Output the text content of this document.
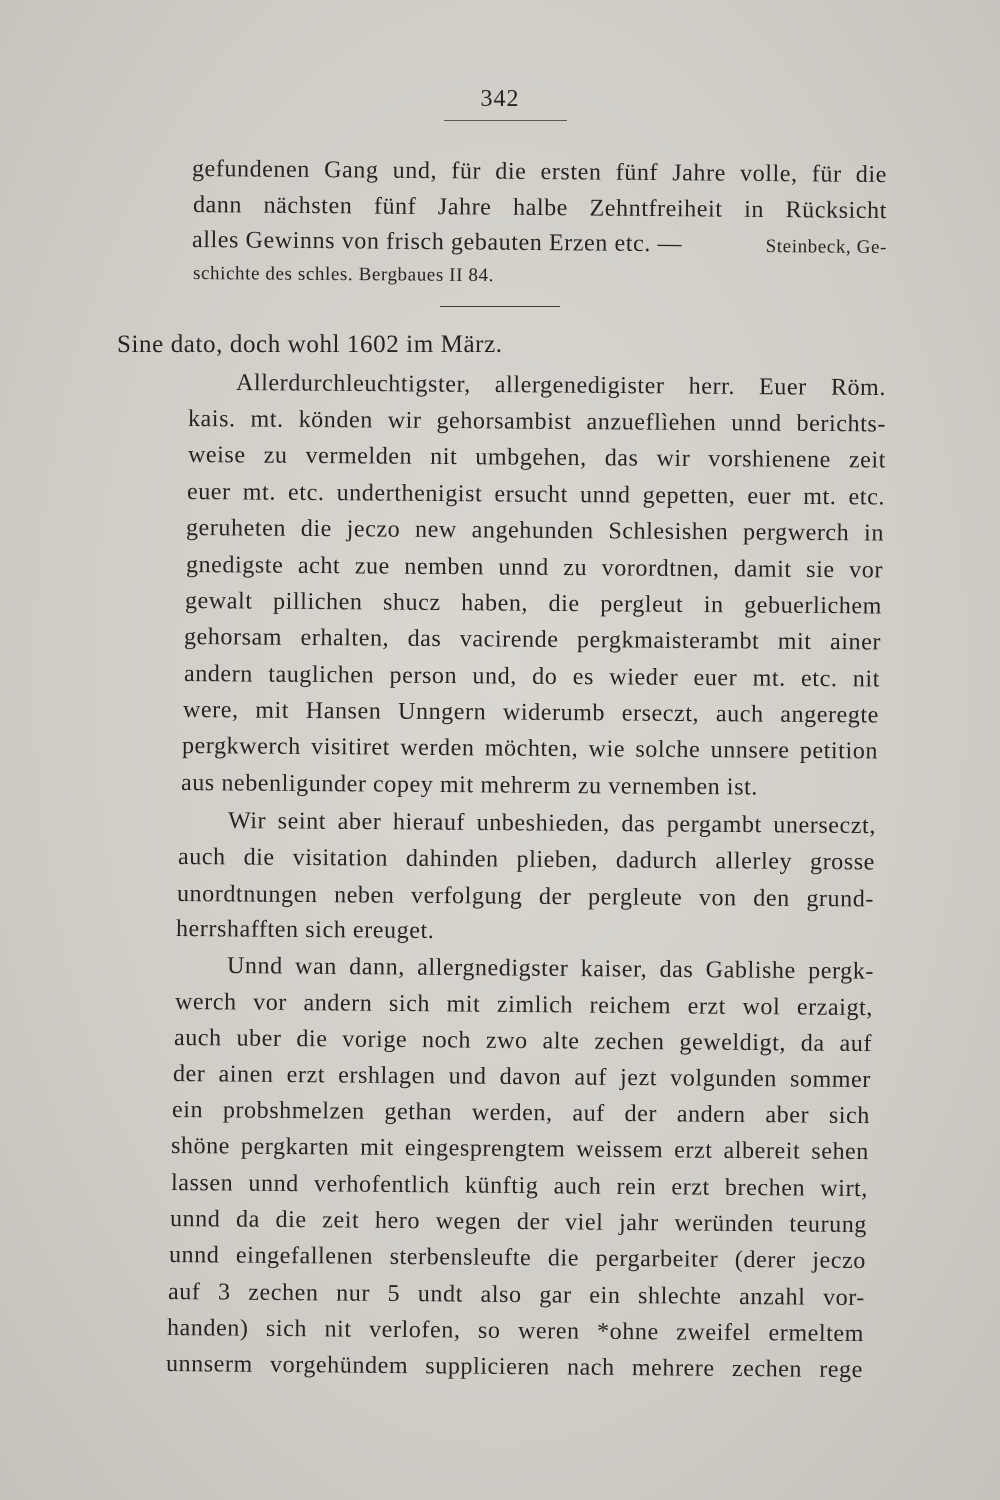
342
gefundenen Gang und, für die ersten fünf Jahre volle, für die
dann nächsten fünf Jahre halbe Zehntfreiheit in Rücksicht
alles Gewinns von frisch gebauten Erzen etc. —	Steinbeck, Ge-
schichte des schles. Bergbaues II 84.
Sine dato, doch wohl 1602 im März.
Allerdurchleuchtigster, allergenedigister herr. Euer Röm.
kais. mt. könden wir gehorsambist anzueflìehen unnd berichts-
weise zu vermelden nit umbgehen, das wir vorshienene zeit
euer mt. etc. underthenigist ersucht unnd gepetten, euer mt. etc.
geruheten die jeczo new angehunden Schlesishen pergwerch in
gnedigste acht zue nemben unnd zu vorordtnen, damit sie vor
gewalt pillichen shucz haben, die pergleut in gebuerlichem
gehorsam erhalten, das vacirende pergkmaisterambt mit ainer
andern tauglichen person und, do es wieder euer mt. etc. nit
were, mit Hansen Unngern widerumb erseczt, auch angeregte
pergkwerch visitiret werden möchten, wie solche unnsere petition
aus nebenligunder copey mit mehrerm zu vernemben ist.
Wir seint aber hierauf unbeshieden, das pergambt unerseczt,
auch die visitation dahinden plieben, dadurch allerley grosse
unordtnungen neben verfolgung der pergleute von den grund-
herrshafften sich ereuget.
Unnd wan dann, allergnedigster kaiser, das Gablishe pergk-
werch vor andern sich mit zimlich reichem erzt wol erzaigt,
auch uber die vorige noch zwo alte zechen geweldigt, da auf
der ainen erzt ershlagen und davon auf jezt volgunden sommer
ein probshmelzen gethan werden, auf der andern aber sich
shöne pergkarten mit eingesprengtem weissem erzt albereit sehen
lassen unnd verhofentlich künftig auch rein erzt brechen wirt,
unnd da die zeit hero wegen der viel jahr weründen teurung
unnd eingefallenen sterbensleufte die pergarbeiter (derer jeczo
auf 3 zechen nur 5 undt also gar ein shlechte anzahl vor-
handen) sich nit verlofen, so weren *ohne zweifel ermeltem
unnserm vorgehündem supplicieren nach mehrere zechen rege
